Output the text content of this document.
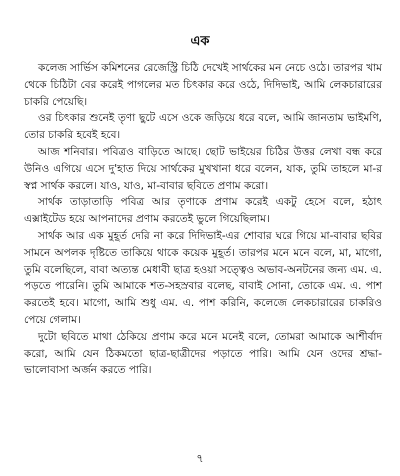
এক

কলেজ সার্ভিস কমিশনের রেজেস্ট্রি চিঠি দেখেই সার্থকের মন নেচে ওঠে। তারপর খাম থেকে চিঠিটা বের করেই পাগলের মত চিৎকার করে ওঠে, দিদিভাই, আমি লেকচারারের চাকরি পেয়েছি।

ওর চিৎকার শুনেই তৃণা ছুটে এসে ওকে জড়িয়ে ধরে বলে, আমি জানতাম ভাইমণি, তোর চাকরি হবেই হবে।

আজ শনিবার। পবিত্রও বাড়িতে আছে। ছোট ভাইয়ের চিঠির উত্তর লেখা বন্ধ করে উনিও এগিয়ে এসে দু'হাত দিয়ে সার্থকের মুখখানা ধরে বলেন, যাক, তুমি তাহলে মা-র স্বপ্ন সার্থক করলে। যাও, যাও, মা-বাবার ছবিতে প্রণাম করো।

সার্থক তাড়াতাড়ি পবিত্র আর তৃণাকে প্রণাম করেই একটু হেসে বলে, হঠাৎ এক্সাইটেড হয়ে আপনাদের প্রণাম করতেই ভুলে গিয়েছিলাম।

সার্থক আর এক মুহূর্ত দেরি না করে দিদিভাই-এর শোবার ঘরে গিয়ে মা-বাবার ছবির সামনে অপলক দৃষ্টিতে তাকিয়ে থাকে কয়েক মুহূর্ত। তারপর মনে মনে বলে, মা, মাগো, তুমি বলেছিলে, বাবা অত্যন্ত মেধাবী ছাত্র হওয়া সত্ত্বেও অভাব-অনটনের জন্য এম. এ. পড়তে পারেনি। তুমি আমাকে শত-সহস্রবার বলেছ, বাবাই সোনা, তোকে এম. এ. পাশ করতেই হবে। মাগো, আমি শুধু এম. এ. পাশ করিনি, কলেজে লেকচারারের চাকরিও পেয়ে গেলাম।

দুটো ছবিতে মাথা ঠেকিয়ে প্রণাম করে মনে মনেই বলে, তোমরা আমাকে আশীর্বাদ করো, আমি যেন ঠিকমতো ছাত্র-ছাত্রীদের পড়াতে পারি। আমি যেন ওদের শ্রদ্ধা-ভালোবাসা অর্জন করতে পারি।

৭
